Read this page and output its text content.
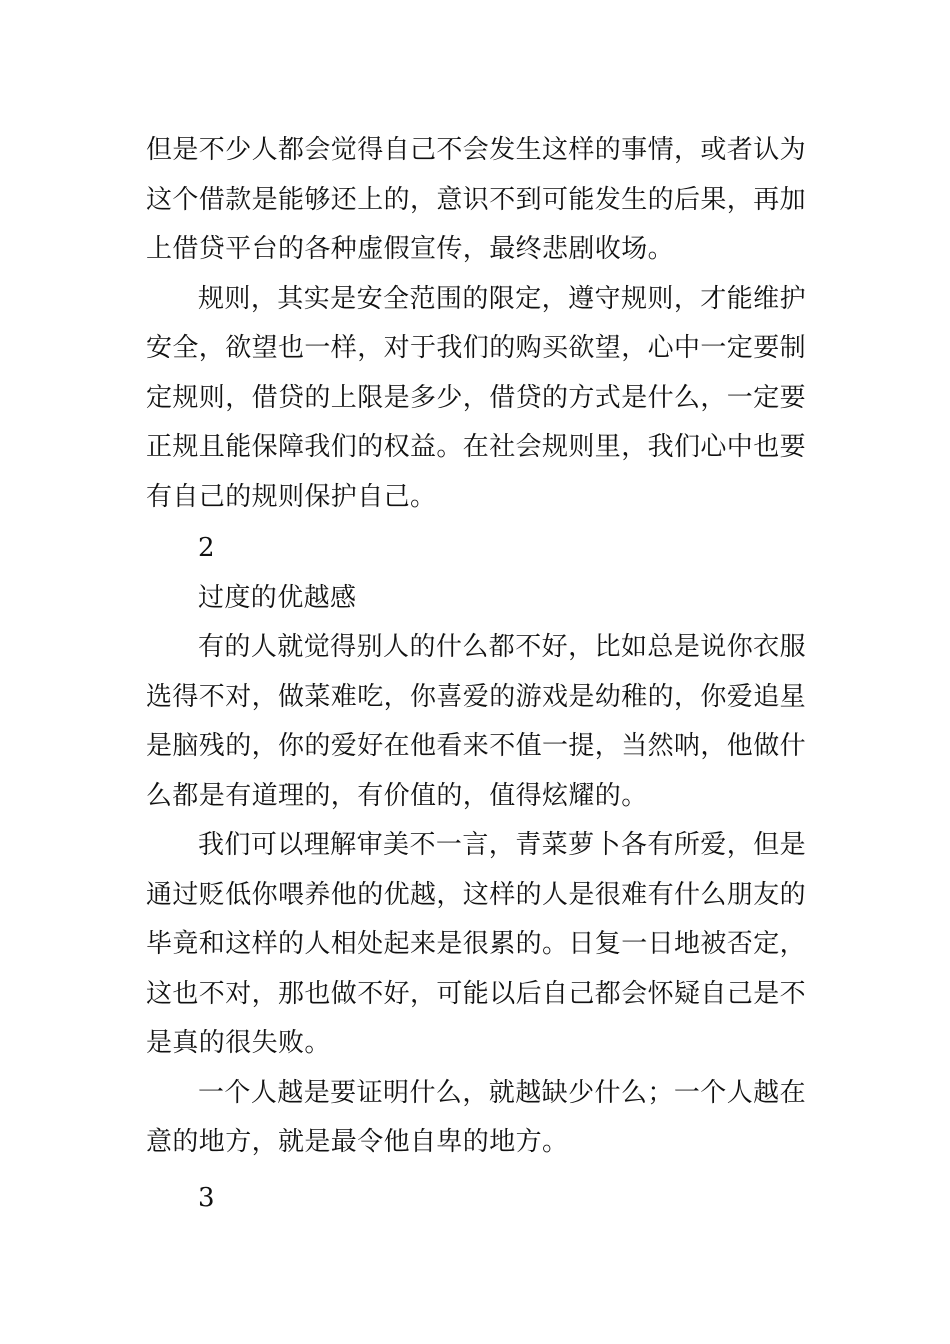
但是不少人都会觉得自己不会发生这样的事情，或者认为这个借款是能够还上的，意识不到可能发生的后果，再加上借贷平台的各种虚假宣传，最终悲剧收场。

规则，其实是安全范围的限定，遵守规则，才能维护安全，欲望也一样，对于我们的购买欲望，心中一定要制定规则，借贷的上限是多少，借贷的方式是什么，一定要正规且能保障我们的权益。在社会规则里，我们心中也要有自己的规则保护自己。

2

过度的优越感

有的人就觉得别人的什么都不好，比如总是说你衣服选得不对，做菜难吃，你喜爱的游戏是幼稚的，你爱追星是脑残的，你的爱好在他看来不值一提，当然呐，他做什么都是有道理的，有价值的，值得炫耀的。

我们可以理解审美不一言，青菜萝卜各有所爱，但是通过贬低你喂养他的优越，这样的人是很难有什么朋友的毕竟和这样的人相处起来是很累的。日复一日地被否定，这也不对，那也做不好，可能以后自己都会怀疑自己是不是真的很失败。

一个人越是要证明什么，就越缺少什么；一个人越在意的地方，就是最令他自卑的地方。

3
